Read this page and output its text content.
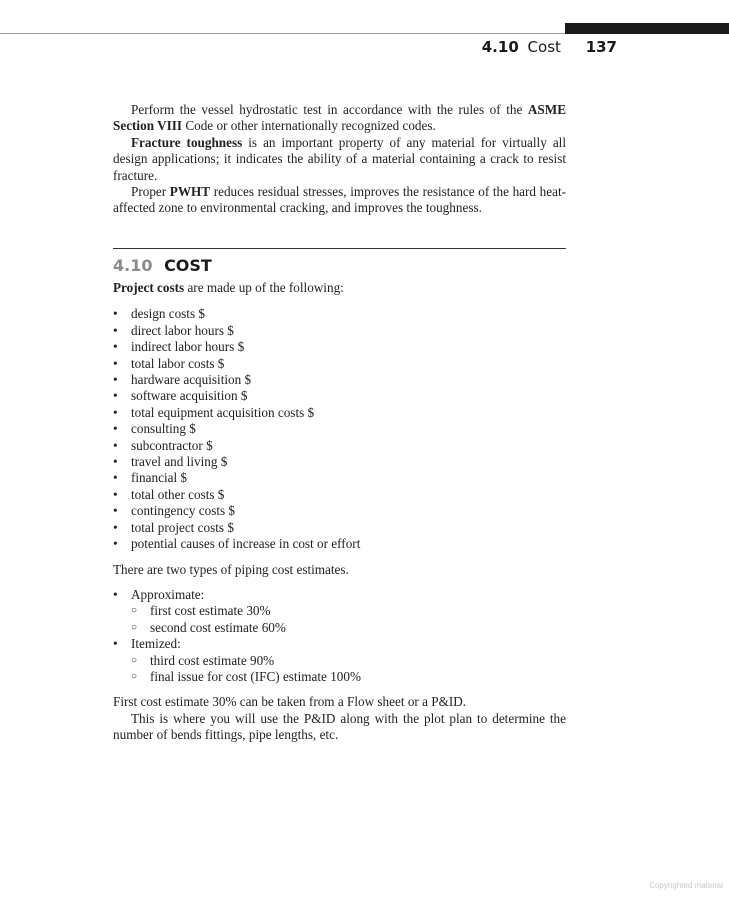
4.10 Cost 137

Perform the vessel hydrostatic test in accordance with the rules of the ASME Section VIII Code or other internationally recognized codes.

Fracture toughness is an important property of any material for virtually all design applications; it indicates the ability of a material containing a crack to resist fracture.

Proper PWHT reduces residual stresses, improves the resistance of the hard heat-affected zone to environmental cracking, and improves the toughness.

4.10 COST

Project costs are made up of the following:

• design costs $
• direct labor hours $
• indirect labor hours $
• total labor costs $
• hardware acquisition $
• software acquisition $
• total equipment acquisition costs $
• consulting $
• subcontractor $
• travel and living $
• financial $
• total other costs $
• contingency costs $
• total project costs $
• potential causes of increase in cost or effort

There are two types of piping cost estimates.

• Approximate:
○ first cost estimate 30%
○ second cost estimate 60%
• Itemized:
○ third cost estimate 90%
○ final issue for cost (IFC) estimate 100%

First cost estimate 30% can be taken from a Flow sheet or a P&ID.

This is where you will use the P&ID along with the plot plan to determine the number of bends fittings, pipe lengths, etc.

Copyrighted material
